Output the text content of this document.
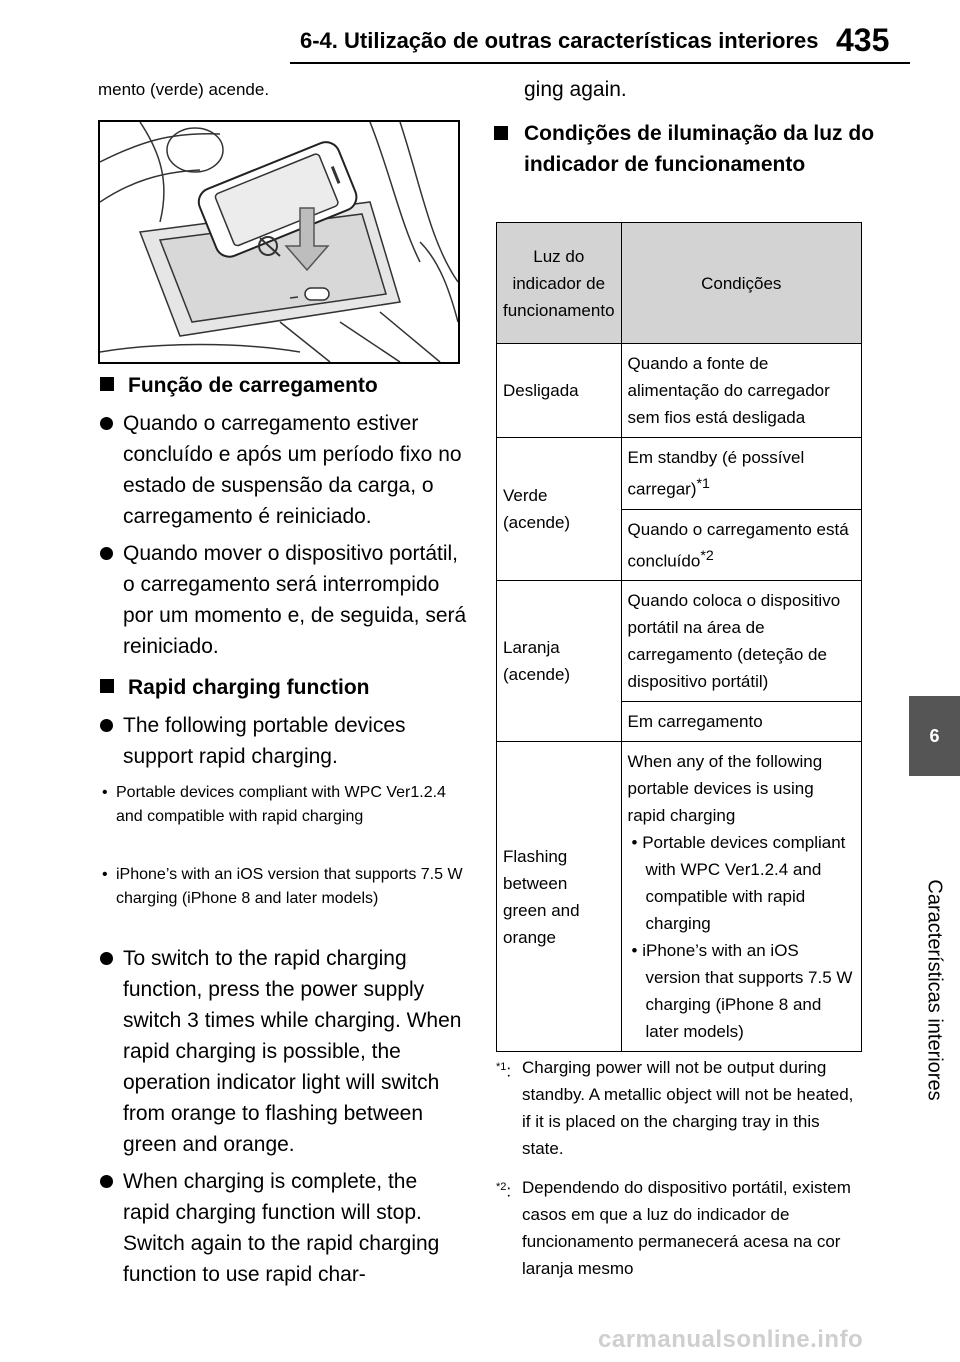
6-4. Utilização de outras características interiores 435
6
Características interiores
mento (verde) acende.
Função de carregamento
Quando o carregamento estiver concluído e após um período fixo no estado de suspensão da carga, o carregamento é reiniciado.
Quando mover o dispositivo portátil, o carregamento será interrompido por um momento e, de seguida, será reiniciado.
Rapid charging function
The following portable devices support rapid charging.
• Portable devices compliant with WPC Ver1.2.4 and compatible with rapid charging
• iPhone’s with an iOS version that supports 7.5 W charging (iPhone 8 and later models)
To switch to the rapid charging function, press the power supply switch 3 times while charging. When rapid charging is possible, the operation indicator light will switch from orange to flashing between green and orange.
When charging is complete, the rapid charging function will stop. Switch again to the rapid charging function to use rapid char-
ging again.
Condições de iluminação da luz do indicador de funcionamento
Luz do indicador de funcionamento	Condições
Desligada	Quando a fonte de alimentação do carregador sem fios está desligada
Verde (acende)	Em standby (é possível carregar)$^{*1}$
	Quando o carregamento está concluído$^{*2}$
Laranja (acende)	Quando coloca o dispositivo portátil na área de carregamento (deteção de dispositivo portátil)
	Em carregamento
Flashing between green and orange	When any of the following portable devices is using rapid charging
• Portable devices compliant with WPC Ver1.2.4 and compatible with rapid charging
• iPhone’s with an iOS version that supports 7.5 W charging (iPhone 8 and later models)
$^{*1}$: Charging power will not be output during standby. A metallic object will not be heated, if it is placed on the charging tray in this state.
$^{*2}$: Dependendo do dispositivo portátil, existem casos em que a luz do indicador de funcionamento permanecerá acesa na cor laranja mesmo
carmanualsonline.info
